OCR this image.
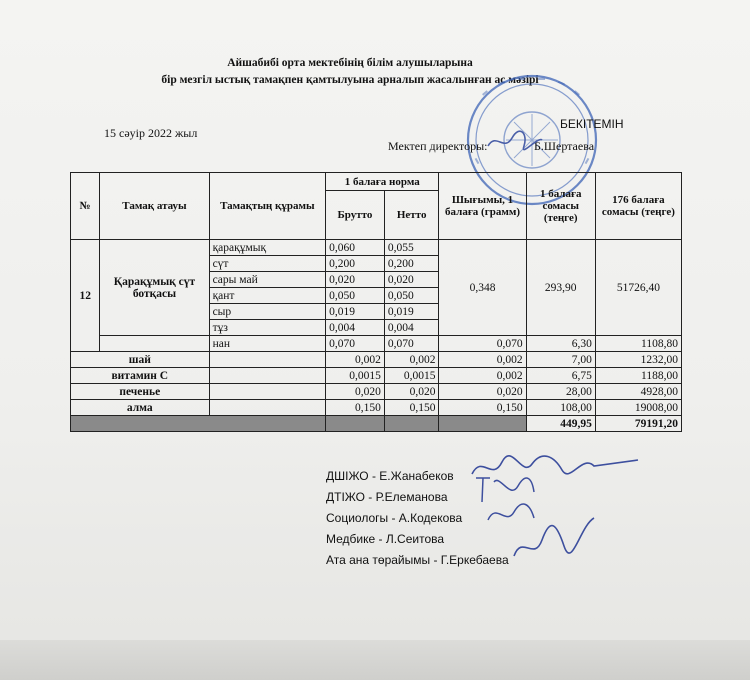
Айшабибі орта мектебінің бiлiм алушыларына
бір мезгіл ыстық тамақпен қамтылуына арналып жасалынған ас мәзірі
15 сәуір 2022 жыл
БЕКІТЕМІН
Мектеп директоры:	Б.Шертаева
№	Тамақ атауы	Тамақтың құрамы	1 балаға норма		Шығымы, 1 балаға (грамм)	1 балаға сомасы (теңге)	176 балаға сомасы (теңге)
			Брутто	Нетто			
12	Қарақұмық сүт ботқасы	қарақұмық	0,060	0,055	0,348	293,90	51726,40
		сүт	0,200	0,200			
		сары май	0,020	0,020			
		қант	0,050	0,050			
		сыр	0,019	0,019			
		тұз	0,004	0,004			
		нан	0,070	0,070	0,070	6,30	1108,80
шай			0,002	0,002	0,002	7,00	1232,00
витамин С			0,0015	0,0015	0,002	6,75	1188,00
печенье			0,020	0,020	0,020	28,00	4928,00
алма			0,150	0,150	0,150	108,00	19008,00
						449,95	79191,20
ДШІЖО - Е.Жанабеков
ДТІЖО - Р.Елеманова
Социологы - А.Кодекова
Медбике - Л.Сеитова
Ата ана төрайымы - Г.Еркебаева
